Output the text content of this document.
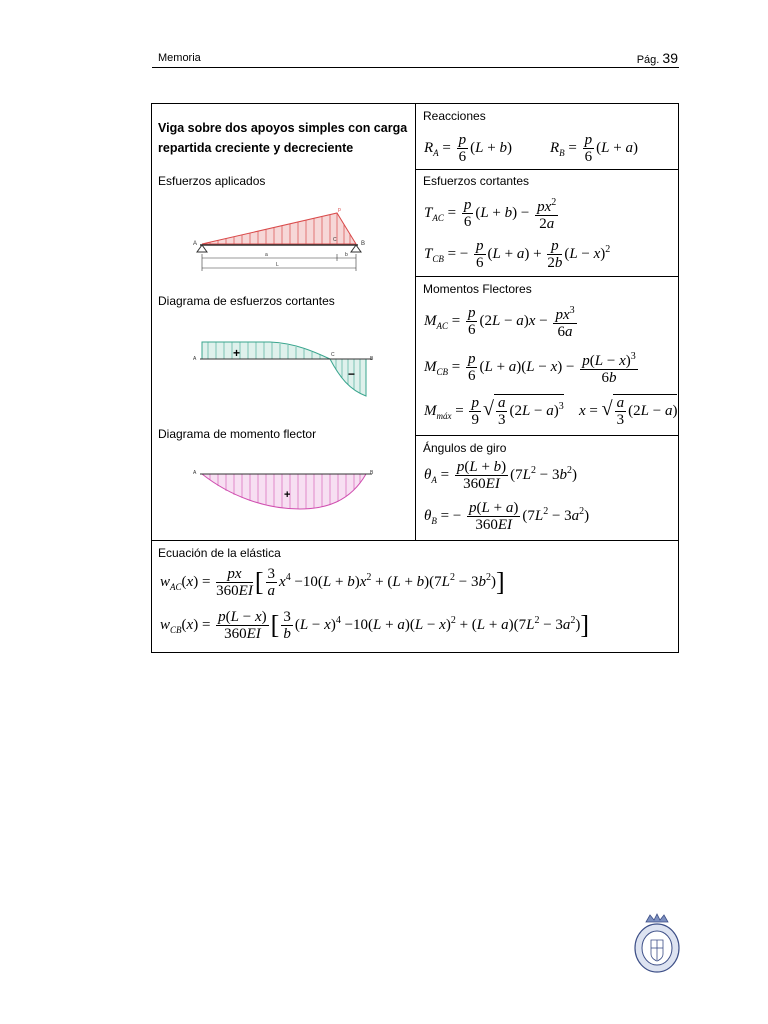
Memoria	Pág. 39
Viga sobre dos apoyos simples con carga repartida creciente y decreciente
Esfuerzos aplicados
A	B
C
p
a	b
L
Diagrama de esfuerzos cortantes
A
C
B
+
−
Diagrama de momento flector
A	B
+
Reacciones
$R_A = \frac{p}{6} (L + b)$	$R_B = \frac{p}{6} (L + a)$
Esfuerzos cortantes
$T_{AC} = \frac{p}{6} (L + b) - \frac{px^2}{2a}$
$T_{CB}$ = − $\frac{p}{6} (L + a) + \frac{p}{2b} (L - x)^2$
Momentos Flectores
$M_{AC} = \frac{p}{6} (2L - a)x - \frac{px^3}{6a}$
$M_{CB} = \frac{p}{6} (L + a)(L - x) - \frac{p(L - x)^3}{6b}$
$M_{máx} = \frac{p}{9}$ √ $\frac{a}{3} (2L - a)^3$ x = √ $\frac{a}{3} (2L - a)$
Ángulos de giro
$\theta_A = \frac{p(L + b)}{360EI} (7L^2 - 3b^2)$
$\theta_B$ = − $\frac{p(L + a)}{360EI} (7L^2 - 3a^2)$
Ecuación de la elástica
$w_{AC}(x) = \frac{px}{360EI}$ [ $\frac{3}{a} x^4 -10(L + b)x^2 + (L + b)(7L^2 - 3b^2)$]
$w_{CB}(x) = \frac{p(L - x)}{360EI}$ [ $\frac{3}{b} (L - x)^4 -10(L + a)(L - x)^2 + (L + a)(7L^2 - 3a^2)$]
